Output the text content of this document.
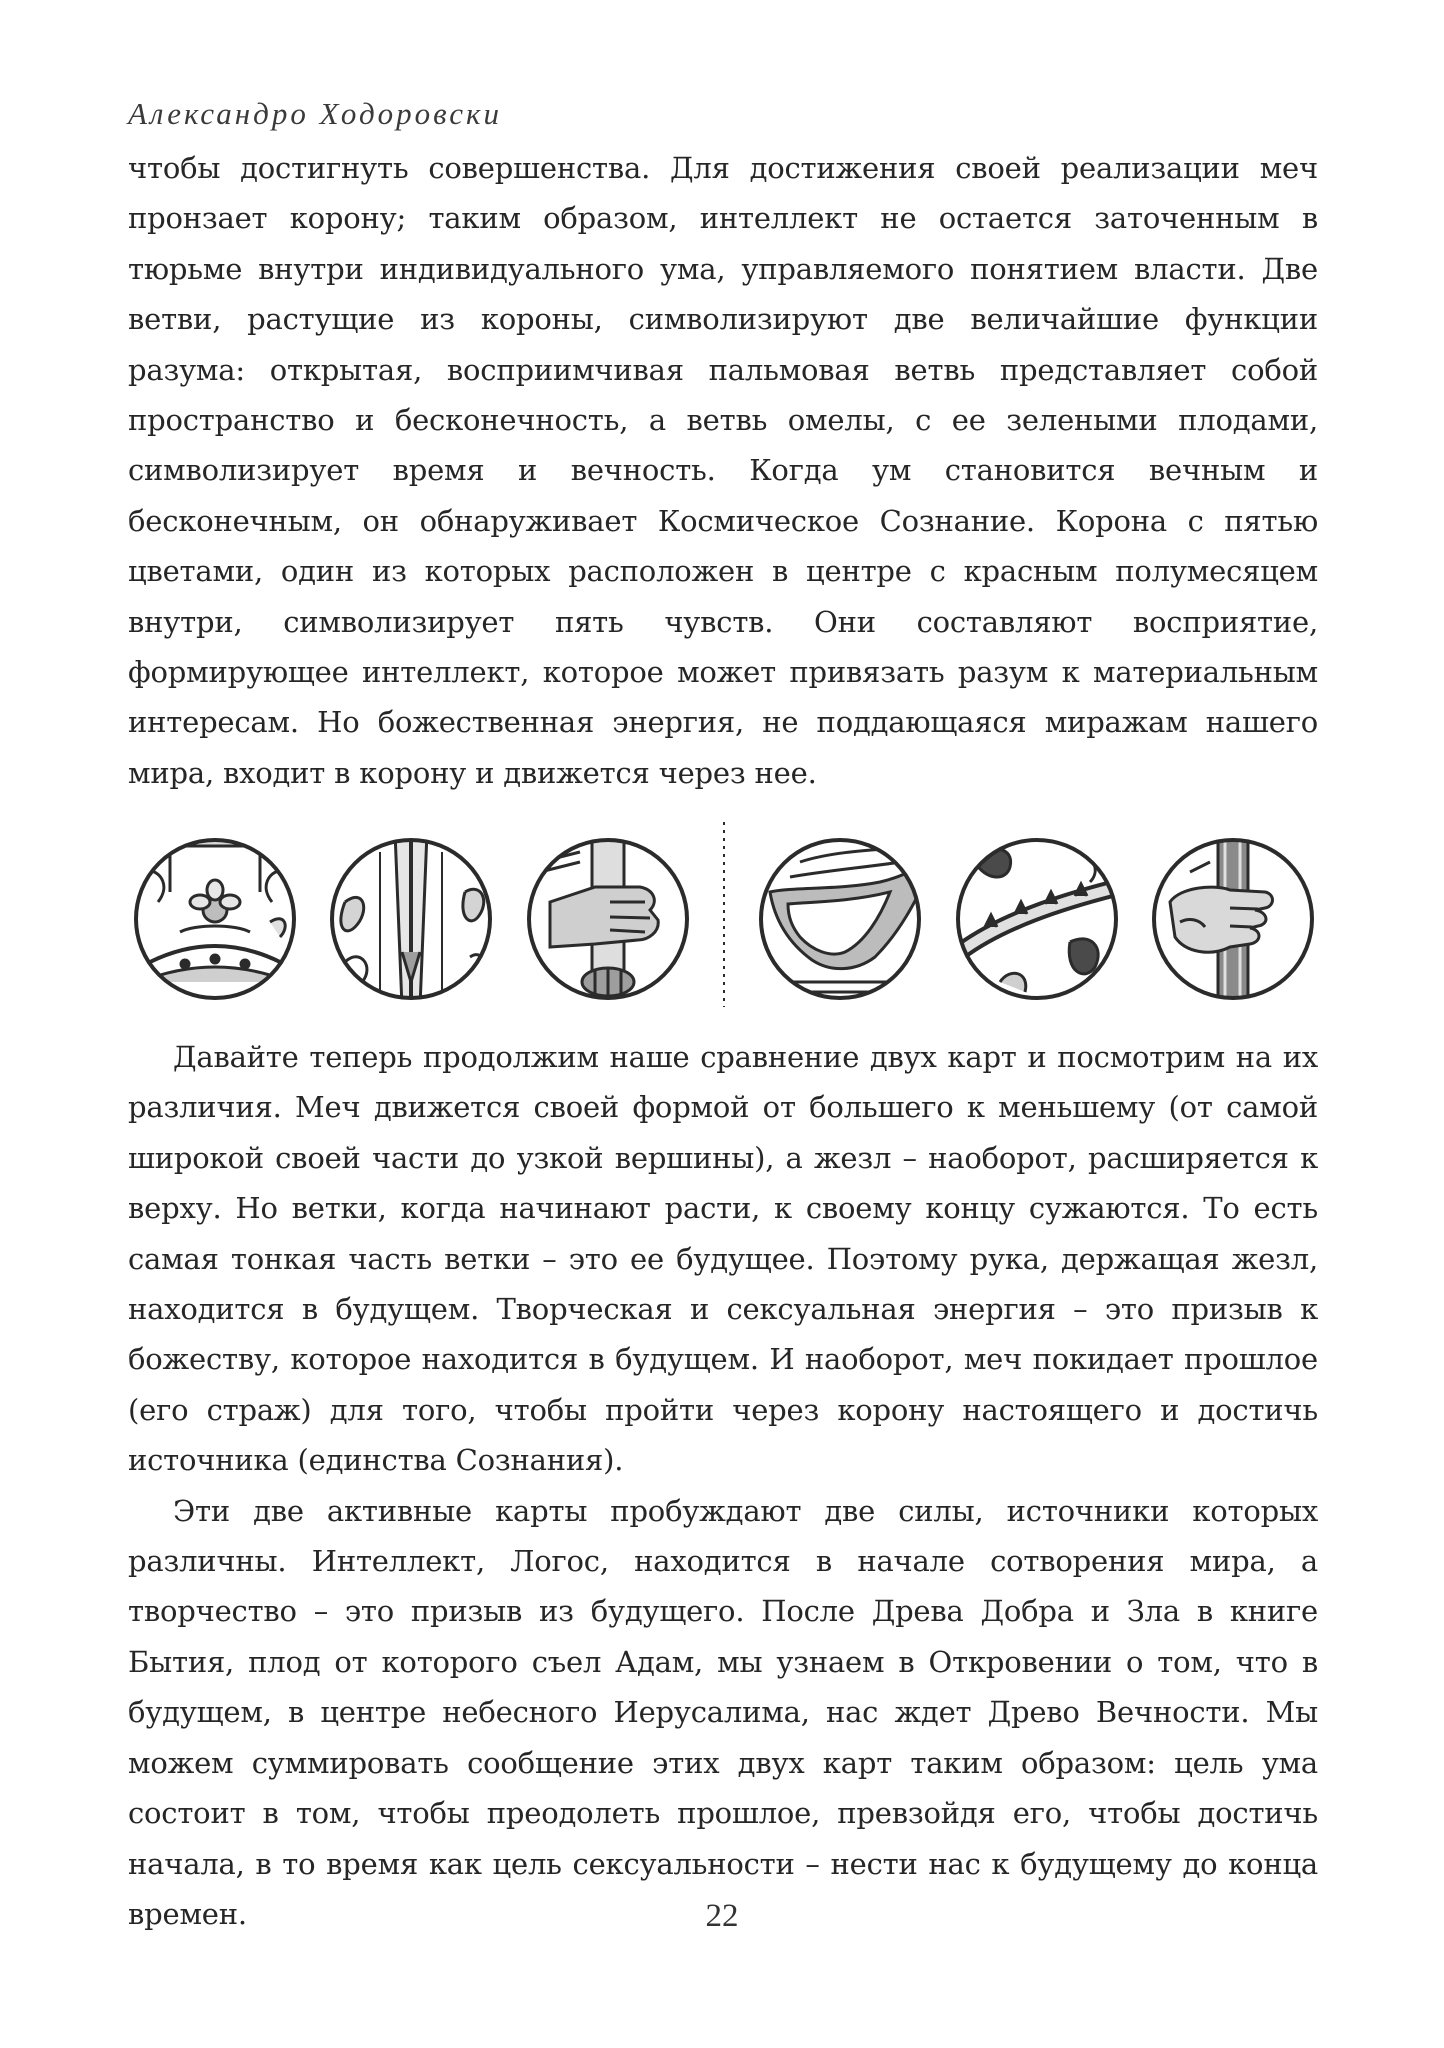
Александро Ходоровски

чтобы достигнуть совершенства. Для достижения своей реализации меч пронзает корону; таким образом, интеллект не остается заточенным в тюрьме внутри индивидуального ума, управляемого понятием власти. Две ветви, растущие из короны, символизируют две величайшие функции разума: открытая, восприимчивая пальмовая ветвь представляет собой пространство и бесконечность, а ветвь омелы, с ее зелеными плодами, символизирует время и вечность. Когда ум становится вечным и бесконечным, он обнаруживает Космическое Сознание. Корона с пятью цветами, один из которых расположен в центре с красным полумесяцем внутри, символизирует пять чувств. Они составляют восприятие, формирующее интеллект, которое может привязать разум к материальным интересам. Но божественная энергия, не поддающаяся миражам нашего мира, входит в корону и движется через нее.

Давайте теперь продолжим наше сравнение двух карт и посмотрим на их различия. Меч движется своей формой от большего к меньшему (от самой широкой своей части до узкой вершины), а жезл – наоборот, расширяется к верху. Но ветки, когда начинают расти, к своему концу сужаются. То есть самая тонкая часть ветки – это ее будущее. Поэтому рука, держащая жезл, находится в будущем. Творческая и сексуальная энергия – это призыв к божеству, которое находится в будущем. И наоборот, меч покидает прошлое (его страж) для того, чтобы пройти через корону настоящего и достичь источника (единства Сознания).

Эти две активные карты пробуждают две силы, источники которых различны. Интеллект, Логос, находится в начале сотворения мира, а творчество – это призыв из будущего. После Древа Добра и Зла в книге Бытия, плод от которого съел Адам, мы узнаем в Откровении о том, что в будущем, в центре небесного Иерусалима, нас ждет Древо Вечности. Мы можем суммировать сообщение этих двух карт таким образом: цель ума состоит в том, чтобы преодолеть прошлое, превзойдя его, чтобы достичь начала, в то время как цель сексуальности – нести нас к будущему до конца времен.	22
